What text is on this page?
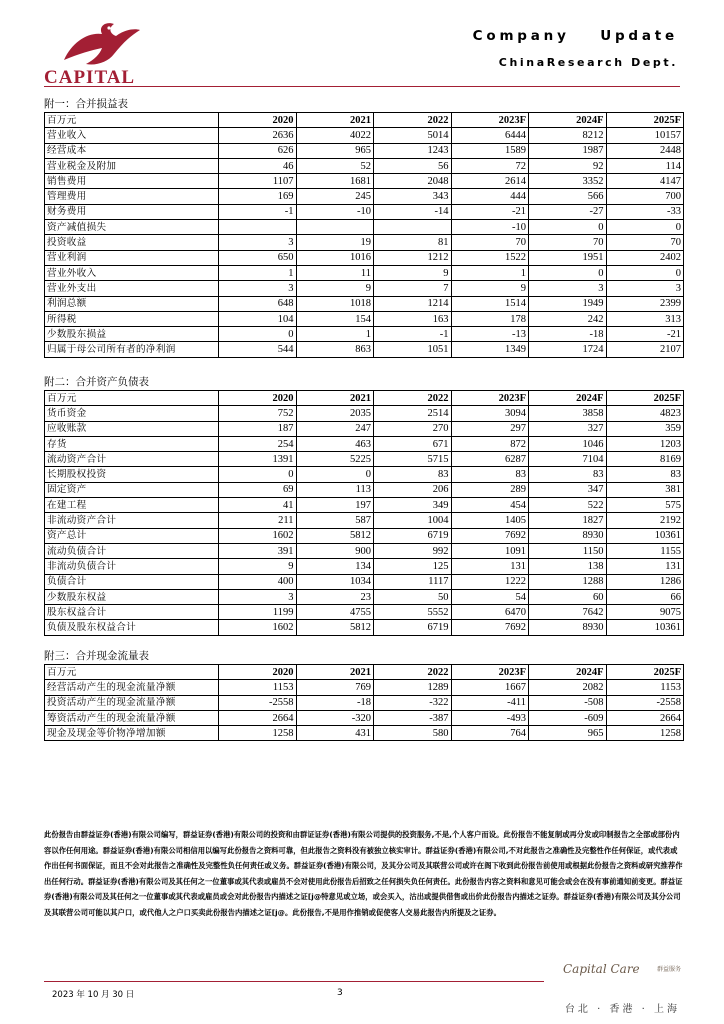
CAPITAL
Company Update
ChinaResearch Dept.
附一：合并损益表
百万元	2020	2021	2022	2023F	2024F	2025F
营业收入	2636	4022	5014	6444	8212	10157
经营成本	626	965	1243	1589	1987	2448
营业税金及附加	46	52	56	72	92	114
销售费用	1107	1681	2048	2614	3352	4147
管理费用	169	245	343	444	566	700
财务费用	-1	-10	-14	-21	-27	-33
资产减值损失				-10	0	0
投资收益	3	19	81	70	70	70
营业利润	650	1016	1212	1522	1951	2402
营业外收入	1	11	9	1	0	0
营业外支出	3	9	7	9	3	3
利润总额	648	1018	1214	1514	1949	2399
所得税	104	154	163	178	242	313
少数股东损益	0	1	-1	-13	-18	-21
归属于母公司所有者的净利润	544	863	1051	1349	1724	2107
附二：合并资产负债表
百万元	2020	2021	2022	2023F	2024F	2025F
货币资金	752	2035	2514	3094	3858	4823
应收账款	187	247	270	297	327	359
存货	254	463	671	872	1046	1203
流动资产合计	1391	5225	5715	6287	7104	8169
长期股权投资	0	0	83	83	83	83
固定资产	69	113	206	289	347	381
在建工程	41	197	349	454	522	575
非流动资产合计	211	587	1004	1405	1827	2192
资产总计	1602	5812	6719	7692	8930	10361
流动负债合计	391	900	992	1091	1150	1155
非流动负债合计	9	134	125	131	138	131
负债合计	400	1034	1117	1222	1288	1286
少数股东权益	3	23	50	54	60	66
股东权益合计	1199	4755	5552	6470	7642	9075
负债及股东权益合计	1602	5812	6719	7692	8930	10361
附三：合并现金流量表
百万元	2020	2021	2022	2023F	2024F	2025F
经营活动产生的现金流量净额	1153	769	1289	1667	2082	1153
投资活动产生的现金流量净额	-2558	-18	-322	-411	-508	-2558
筹资活动产生的现金流量净额	2664	-320	-387	-493	-609	2664
现金及现金等价物净增加额	1258	431	580	764	965	1258
此份报告由群益证券(香港)有限公司编写，群益证券(香港)有限公司的投资和由群证证券(香港)有限公司提供的投资服务,不是,个人客户而设。此份报告不能复制或再分发或印制报告之全部或部份内容以作任何用途。群益证券(香港)有限公司相信用以编写此份报告之资料可靠，但此报告之资料没有被独立核实审计。群益证券(香港)有限公司,不对此报告之准确性及完整性作任何保证，或代表或作出任何书面保证，而且不会对此报告之准确性及完整性负任何责任或义务。群益证券(香港)有限公司，及其分公司及其联营公司或许在阁下收到此份报告前使用或根据此份报告之资料或研究推荐作出任何行动。群益证券(香港)有限公司及其任何之一位董事或其代表或雇员不会对使用此份报告后招致之任何损失负任何责任。此份报告内容之资料和意见可能会或会在没有事前通知前变更。群益证券(香港)有限公司及其任何之一位董事或其代表或雇员或会对此份报告内描述之证[j@特意见或立场，或会买入，沽出或提供借售或出价此份报告内描述之证券。群益证券(香港)有限公司及其分公司及其联营公司可能以其户口，或代他人之户口买卖此份报告内描述之证[j@。此份报告,不是用作推销或促使客人交易此报告内所提及之证券。
2023 年 10 月 30 日	3
Capital Care	群益服务
台北 · 香港 · 上海
